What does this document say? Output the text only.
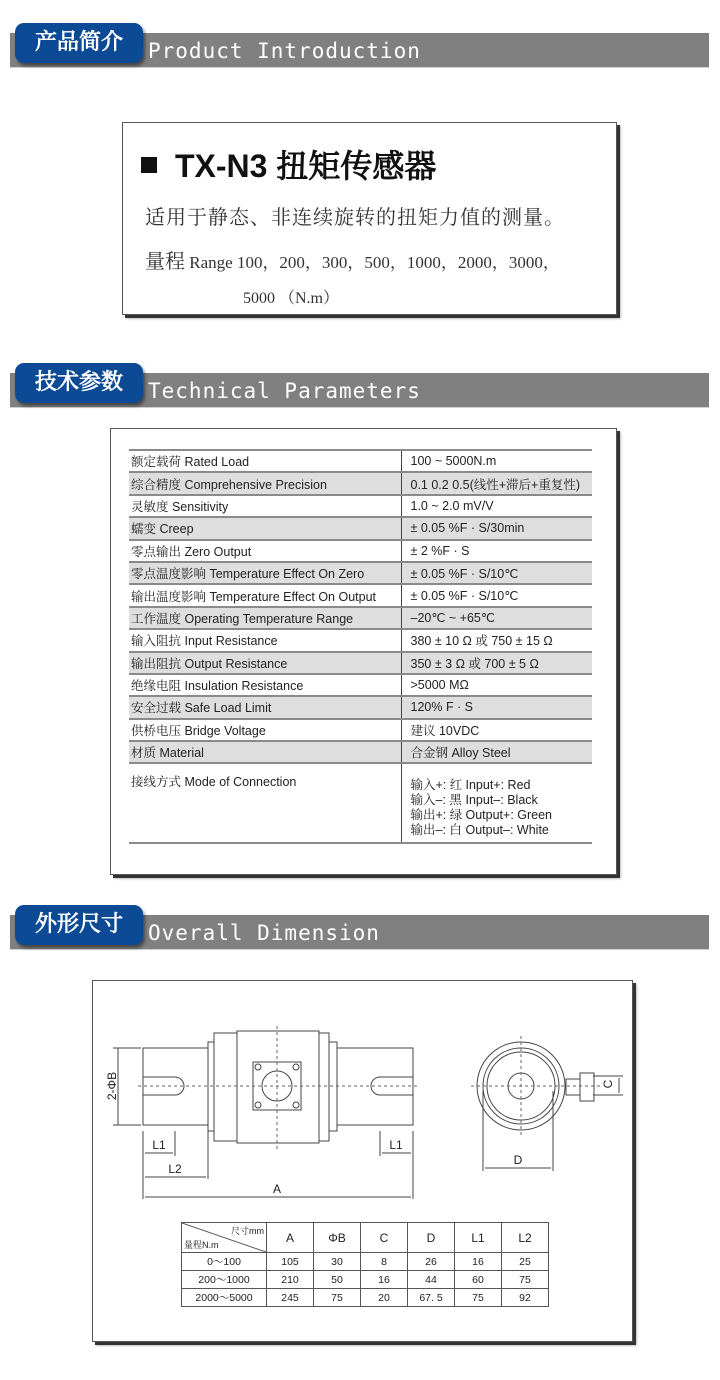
产品简介	Product Introduction
TX-N3 扭矩传感器
适用于静态、非连续旋转的扭矩力值的测量。
量程 Range 100，200，300，500，1000，2000，3000，
5000 （N.m）
技术参数	Technical Parameters
额定载荷 Rated Load	100 ~ 5000N.m
综合精度 Comprehensive Precision	0.1 0.2 0.5(线性+滞后+重复性)
灵敏度 Sensitivity	1.0 ~ 2.0 mV/V
蠕变 Creep	± 0.05 %F · S/30min
零点输出 Zero Output	± 2 %F · S
零点温度影响 Temperature Effect On Zero	± 0.05 %F · S/10℃
输出温度影响 Temperature Effect On Output	± 0.05 %F · S/10℃
工作温度 Operating Temperature Range	–20℃ ~ +65℃
输入阻抗 Input Resistance	380 ± 10 Ω 或 750 ± 15 Ω
输出阻抗 Output Resistance	350 ± 3 Ω 或 700 ± 5 Ω
绝缘电阻 Insulation Resistance	>5000 MΩ
安全过载 Safe Load Limit	120% F · S
供桥电压 Bridge Voltage	建议 10VDC
材质 Material	合金钢 Alloy Steel
接线方式 Mode of Connection	输入+: 红 Input+: Red
输入–: 黑 Input–: Black
输出+: 绿 Output+: Green
输出–: 白 Output–: White
外形尺寸	Overall Dimension
2-ΦB
L1
L2
A
L1
D
C
尺寸mm
量程N.m	A	ΦB	C	D	L1	L2
0～100	105	30	8	26	16	25
200～1000	210	50	16	44	60	75
2000～5000	245	75	20	67. 5	75	92
